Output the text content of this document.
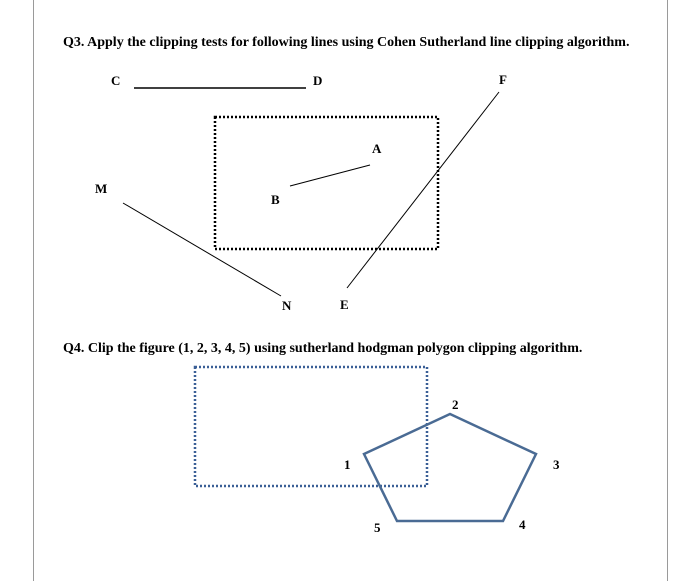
Q3. Apply the clipping tests for following lines using Cohen Sutherland line clipping algorithm.
Q4. Clip the figure (1, 2, 3, 4, 5) using sutherland hodgman polygon clipping algorithm.
C	D	F
A
B
M
N	E
1
2
3
4
5
